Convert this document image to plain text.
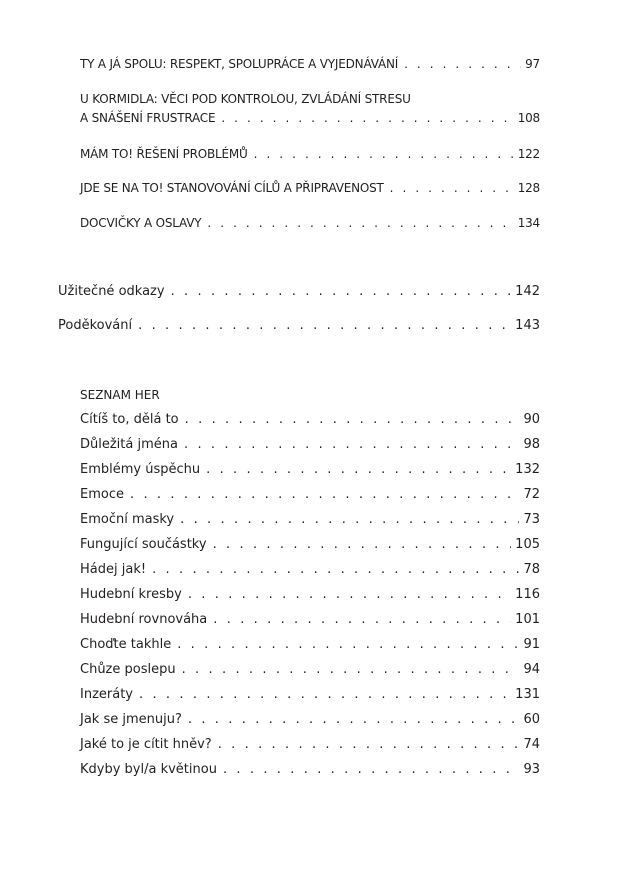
TY A JÁ SPOLU: RESPEKT, SPOLUPRÁCE A VYJEDNÁVÁNÍ . . .	97
U KORMIDLA: VĚCI POD KONTROLOU, ZVLÁDÁNÍ STRESU
A SNÁŠENÍ FRUSTRACE . . .	108
MÁM TO! ŘEŠENÍ PROBLÉMŮ . . .	122
JDE SE NA TO! STANOVOVÁNÍ CÍLŮ A PŘIPRAVENOST . . .	128
DOCVIČKY A OSLAVY . . .	134
Užitečné odkazy . . .	142
Poděkování . . .	143
SEZNAM HER
Cítíš to, dělá to . . .	90
Důležitá jména . . .	98
Emblémy úspěchu . . .	132
Emoce . . .	72
Emoční masky . . .	73
Fungující součástky . . .	105
Hádej jak! . . .	78
Hudební kresby . . .	116
Hudební rovnováha . . .	101
Choďte takhle . . .	91
Chůze poslepu . . .	94
Inzeráty . . .	131
Jak se jmenuju? . . .	60
Jaké to je cítit hněv? . . .	74
Kdyby byl/a květinou . . .	93
